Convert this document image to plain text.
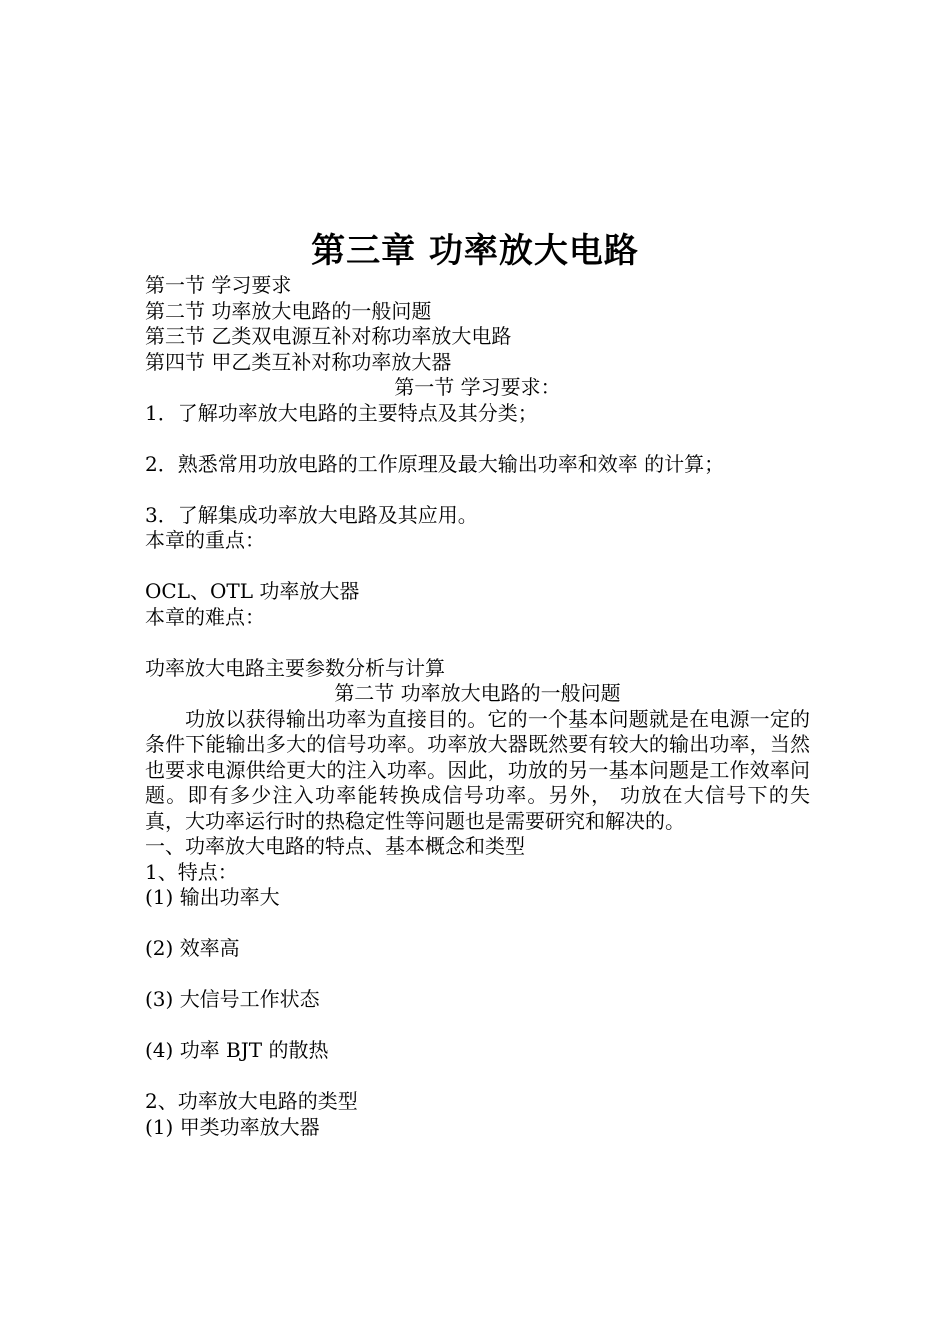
第三章 功率放大电路
第一节 学习要求
第二节 功率放大电路的一般问题
第三节 乙类双电源互补对称功率放大电路
第四节 甲乙类互补对称功率放大器
第一节 学习要求：
1．了解功率放大电路的主要特点及其分类；
2．熟悉常用功放电路的工作原理及最大输出功率和效率 的计算；
3．了解集成功率放大电路及其应用。
本章的重点：
OCL、OTL 功率放大器
本章的难点：
功率放大电路主要参数分析与计算
第二节 功率放大电路的一般问题
功放以获得输出功率为直接目的。它的一个基本问题就是在电源一定的条件下能输出多大的信号功率。功率放大器既然要有较大的输出功率，当然也要求电源供给更大的注入功率。因此，功放的另一基本问题是工作效率问题。即有多少注入功率能转换成信号功率。另外， 功放在大信号下的失真，大功率运行时的热稳定性等问题也是需要研究和解决的。
一、功率放大电路的特点、基本概念和类型
1、特点：
(1) 输出功率大
(2) 效率高
(3) 大信号工作状态
(4) 功率 BJT 的散热
2、功率放大电路的类型
(1) 甲类功率放大器
